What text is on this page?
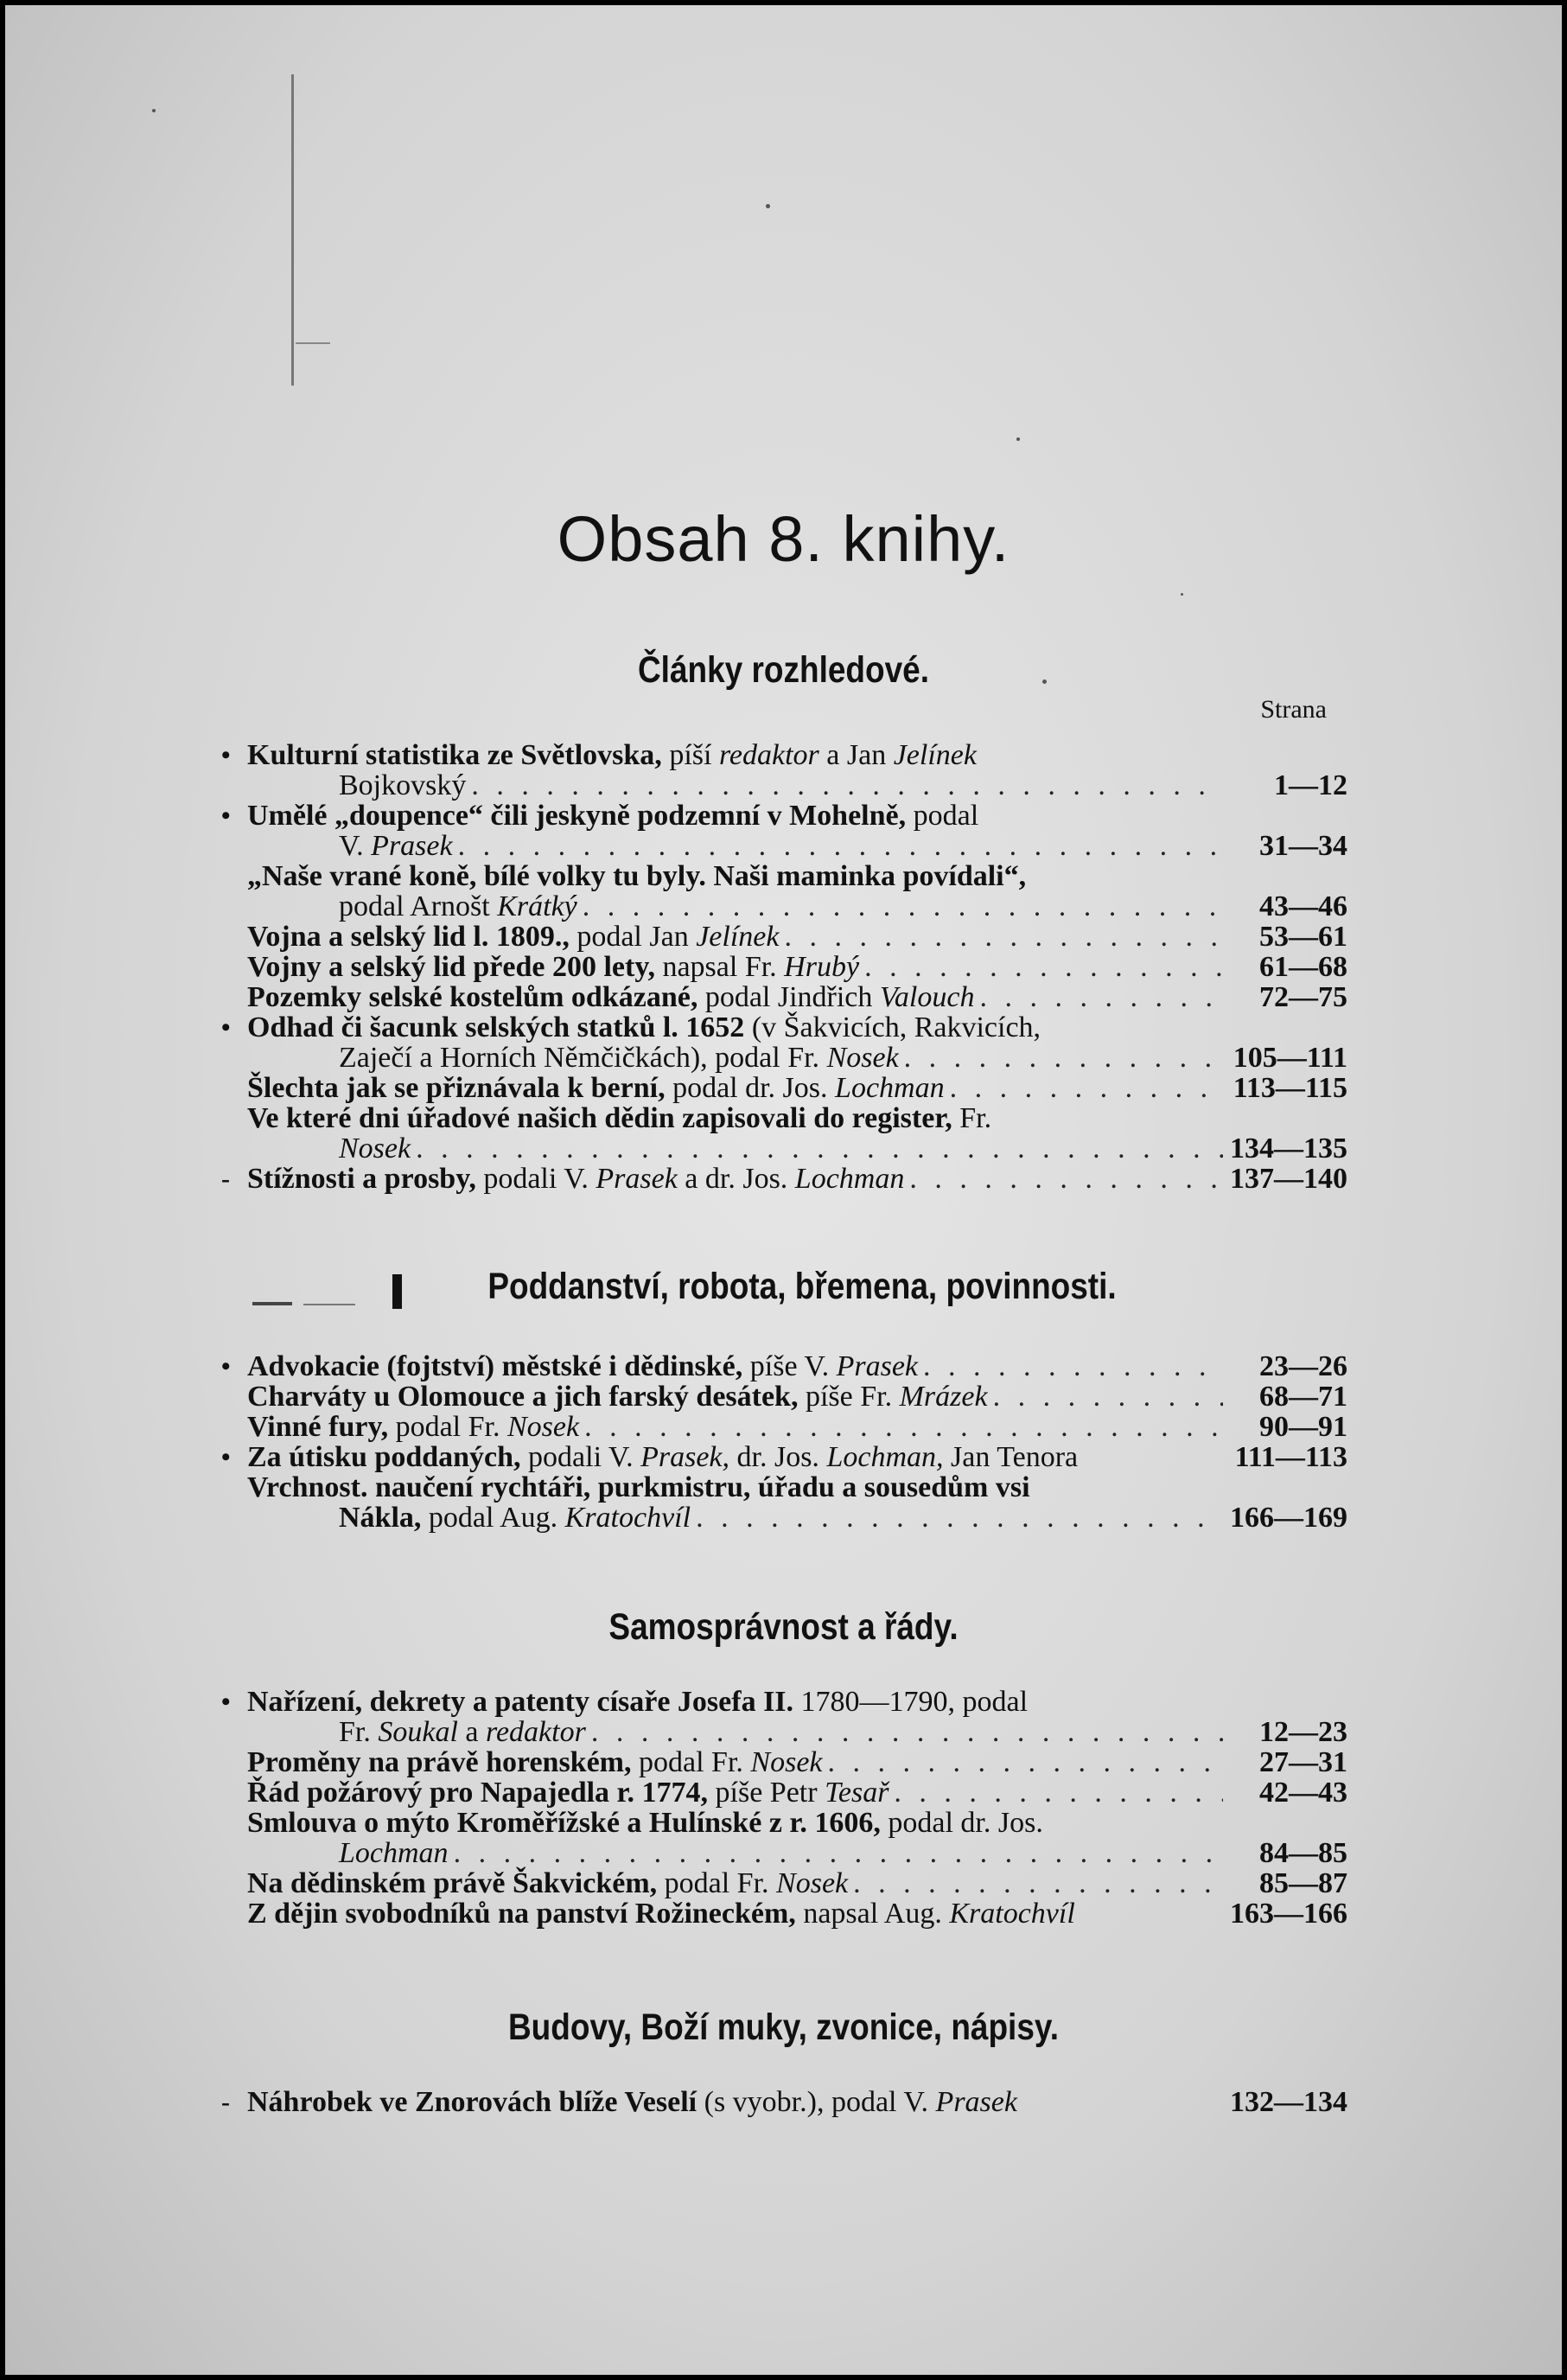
Obsah 8. knihy.
Články rozhledové.
Strana
• Kulturní statistika ze Světlovska, píší redaktor a Jan Jelínek
Bojkovský . . .	1—12
• Umělé „doupence“ čili jeskyně podzemní v Mohelně, podal
V. Prasek . . .	31—34
„Naše vrané koně, bílé volky tu byly. Naši maminka povídali“,
podal Arnošt Krátký . . .	43—46
Vojna a selský lid l. 1809., podal Jan Jelínek . . .	53—61
Vojny a selský lid přede 200 lety, napsal Fr. Hrubý . . .	61—68
Pozemky selské kostelům odkázané, podal Jindřich Valouch . . .	72—75
• Odhad či šacunk selských statků l. 1652 (v Šakvicích, Rakvicích,
Zaječí a Horních Němčičkách), podal Fr. Nosek . . .	105—111
Šlechta jak se přiznávala k berní, podal dr. Jos. Lochman . . .	113—115
Ve které dni úřadové našich dědin zapisovali do register, Fr.
Nosek . . .	134—135
- Stížnosti a prosby, podali V. Prasek a dr. Jos. Lochman . . .	137—140
Poddanství, robota, břemena, povinnosti.
• Advokacie (fojtství) městské i dědinské, píše V. Prasek . . .	23—26
Charváty u Olomouce a jich farský desátek, píše Fr. Mrázek . . .	68—71
Vinné fury, podal Fr. Nosek . . .	90—91
• Za útisku poddaných, podali V. Prasek, dr. Jos. Lochman, Jan Tenora	111—113
Vrchnost. naučení rychtáři, purkmistru, úřadu a sousedům vsi
Nákla, podal Aug. Kratochvíl . . .	166—169
Samosprávnost a řády.
• Nařízení, dekrety a patenty císaře Josefa II. 1780—1790, podal
Fr. Soukal a redaktor . . .	12—23
Proměny na právě horenském, podal Fr. Nosek . . .	27—31
Řád požárový pro Napajedla r. 1774, píše Petr Tesař . . .	42—43
Smlouva o mýto Kroměřížské a Hulínské z r. 1606, podal dr. Jos.
Lochman . . .	84—85
Na dědinském právě Šakvickém, podal Fr. Nosek . . .	85—87
Z dějin svobodníků na panství Rožineckém, napsal Aug. Kratochvíl	163—166
Budovy, Boží muky, zvonice, nápisy.
- Náhrobek ve Znorovách blíže Veselí (s vyobr.), podal V. Prasek	132—134
